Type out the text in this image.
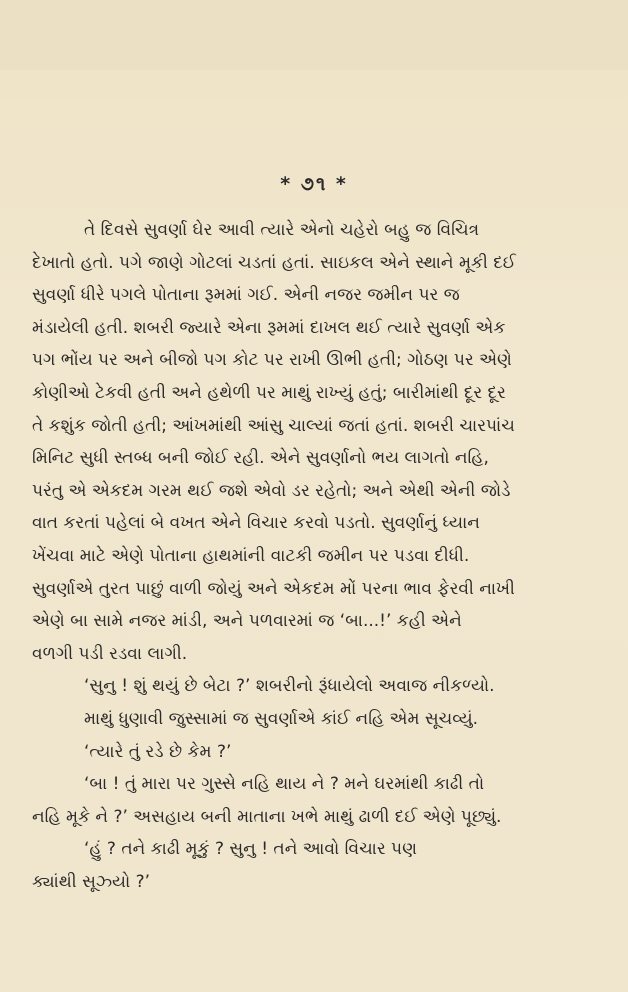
* ૭૧ *

તે દિવસે સુવર્ણા ઘેર આવી ત્યારે એનો ચહેરો બહુ જ વિચિત્ર
દેખાતો હતો. પગે જાણે ગોટલાં ચડતાં હતાં. સાઇકલ એને સ્થાને મૂકી દઈ
સુવર્ણા ધીરે પગલે પોતાના રૂમમાં ગઈ. એની નજર જમીન પર જ
મંડાયેલી હતી. શબરી જ્યારે એના રૂમમાં દાખલ થઈ ત્યારે સુવર્ણા એક
પગ ભોંય પર અને બીજો પગ કોટ પર રાખી ઊભી હતી; ગોઠણ પર એણે
કોણીઓ ટેકવી હતી અને હથેળી પર માથું રાખ્યું હતું; બારીમાંથી દૂર દૂર
તે કશુંક જોતી હતી; આંખમાંથી આંસુ ચાલ્યાં જતાં હતાં. શબરી ચારપાંચ
મિનિટ સુધી સ્તબ્ધ બની જોઈ રહી. એને સુવર્ણાનો ભય લાગતો નહિ,
પરંતુ એ એકદમ ગરમ થઈ જશે એવો ડર રહેતો; અને એથી એની જોડે
વાત કરતાં પહેલાં બે વખત એને વિચાર કરવો પડતો. સુવર્ણાનું ધ્યાન
ખેંચવા માટે એણે પોતાના હાથમાંની વાટકી જમીન પર પડવા દીધી.
સુવર્ણાએ તુરત પાછું વાળી જોયું અને એકદમ મોં પરના ભાવ ફેરવી નાખી
એણે બા સામે નજર માંડી, અને પળવારમાં જ ‘બા...!’ કહી એને
વળગી પડી રડવા લાગી.

‘સુનુ ! શું થયું છે બેટા ?’ શબરીનો રૂંધાયેલો અવાજ નીકળ્યો.

માથું ધુણાવી જુસ્સામાં જ સુવર્ણાએ કાંઈ નહિ એમ સૂચવ્યું.

‘ત્યારે તું રડે છે કેમ ?’

‘બા ! તું મારા પર ગુસ્સે નહિ થાય ને ? મને ઘરમાંથી કાઢી તો
નહિ મૂકે ને ?’ અસહાય બની માતાના ખભે માથું ઢાળી દઈ એણે પૂછ્યું.

‘હું ? તને કાઢી મૂકું ? સુનુ ! તને આવો વિચાર પણ
ક્યાંથી સૂઝ્યો ?’
